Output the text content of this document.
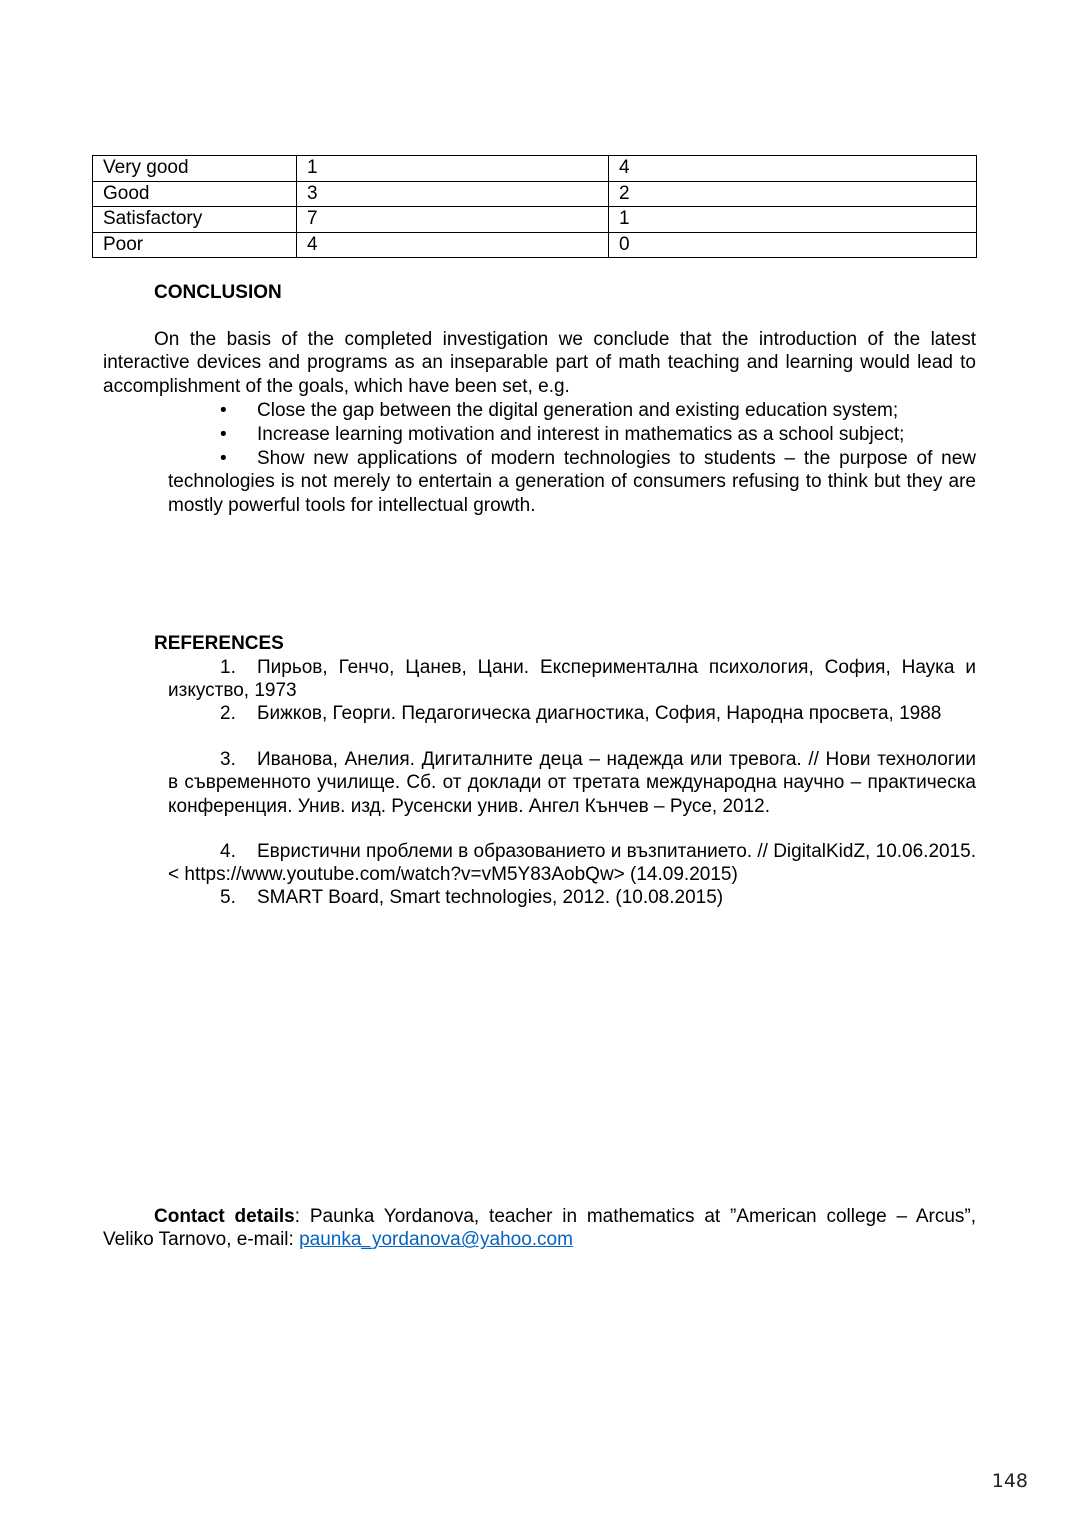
Very good	1	4
Good	3	2
Satisfactory	7	1
Poor	4	0
CONCLUSION

On the basis of the completed investigation we conclude that the introduction of the latest interactive devices and programs as an inseparable part of math teaching and learning would lead to accomplishment of the goals, which have been set, e.g.

•	Close the gap between the digital generation and existing education system;
•	Increase learning motivation and interest in mathematics as a school subject;
•	Show new applications of modern technologies to students – the purpose of new technologies is not merely to entertain a generation of consumers refusing to think but they are mostly powerful tools for intellectual growth.
REFERENCES
1. Пирьов, Генчо, Цанев, Цани. Експериментална психология, София, Наука и изкуство, 1973
2. Бижков, Георги. Педагогическа диагностика, София, Народна просвета, 1988
3. Иванова, Анелия. Дигиталните деца – надежда или тревога. // Нови технологии в съвременното училище. Сб. от доклади от третата международна научно – практическа конференция. Унив. изд. Русенски унив. Ангел Кънчев – Русе, 2012.
4. Евристични проблеми в образованието и възпитанието. // DigitalKidZ, 10.06.2015. < https://www.youtube.com/watch?v=vM5Y83AobQw> (14.09.2015)
5. SMART Board, Smart technologies, 2012. (10.08.2015)

Contact details: Paunka Yordanova, teacher in mathematics at ”American college – Arcus”, Veliko Tarnovo, e-mail: paunka_yordanova@yahoo.com

148
